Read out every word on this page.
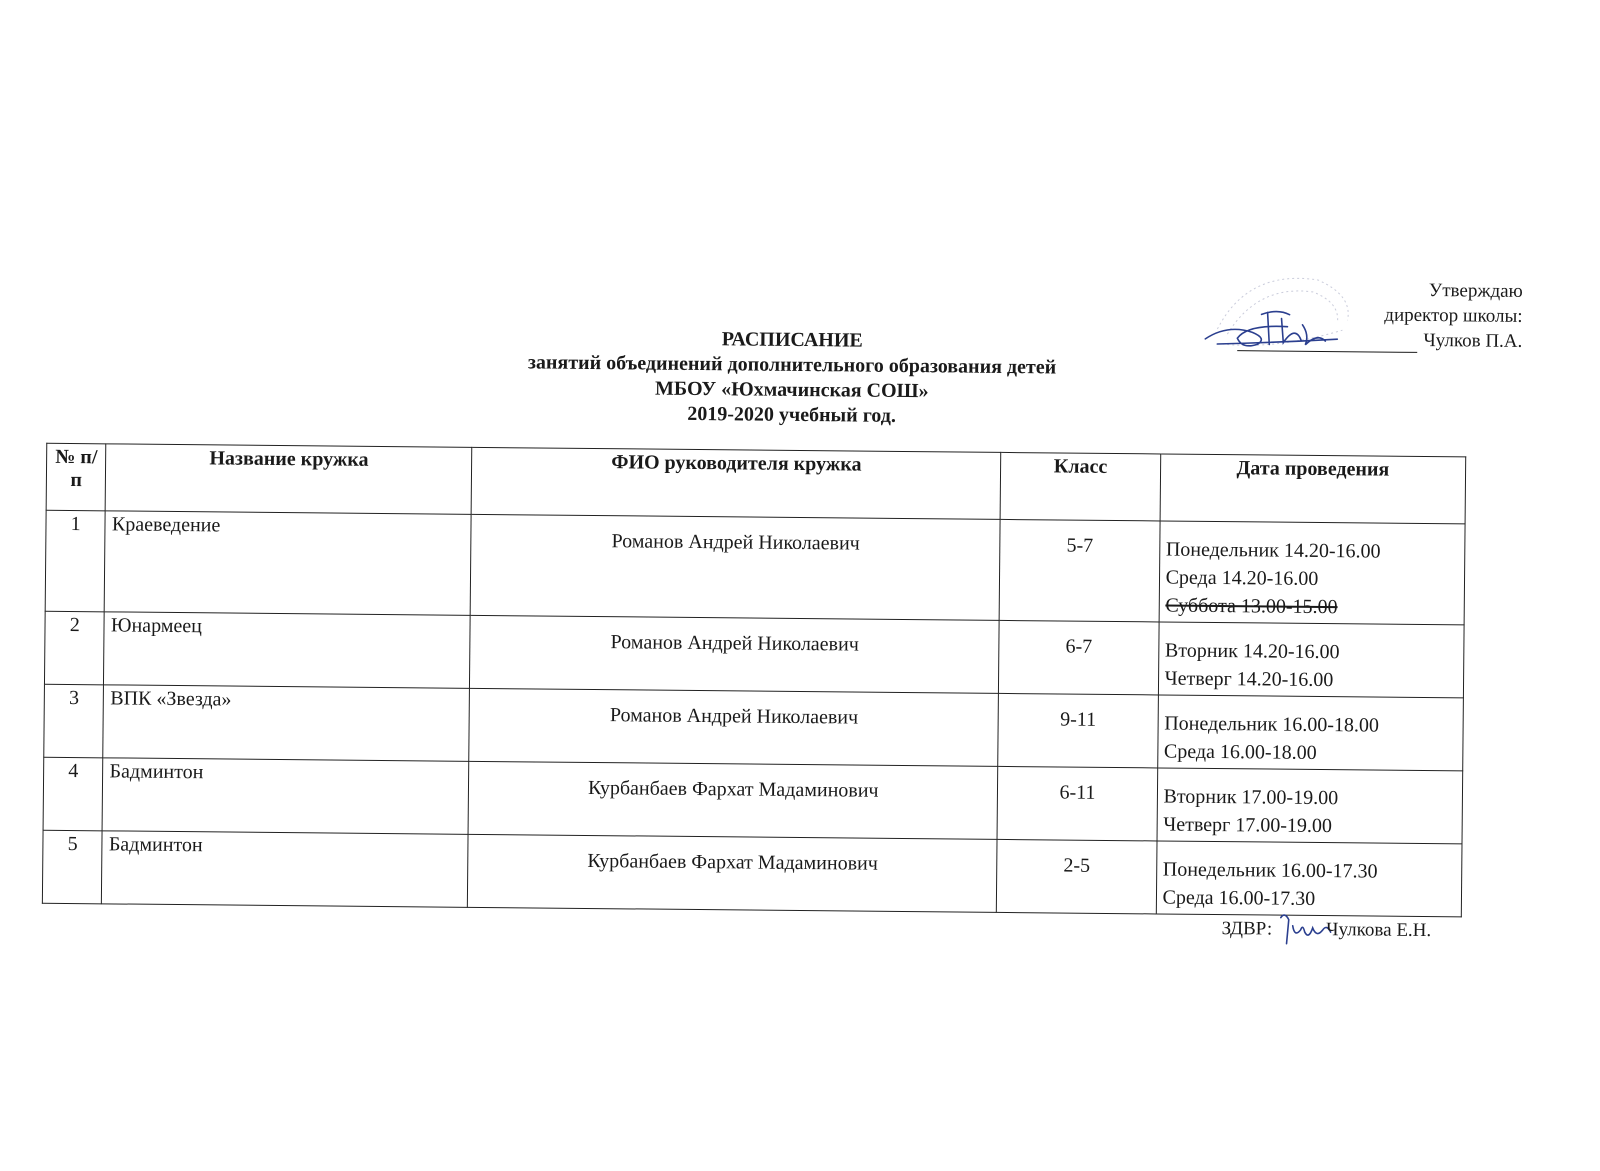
Утверждаю
директор школы:
Чулков П.А.
РАСПИСАНИЕ
занятий объединений дополнительного образования детей
МБОУ «Юхмачинская СОШ»
2019-2020 учебный год.
№ п/п	Название кружка	ФИО руководителя кружка	Класс	Дата проведения
1	Краеведение	Романов Андрей Николаевич	5-7	Понедельник 14.20-16.00
Среда 14.20-16.00
Суббота 13.00-15.00

2	Юнармеец	Романов Андрей Николаевич	6-7	Вторник 14.20-16.00
Четверг 14.20-16.00

3	ВПК «Звезда»	Романов Андрей Николаевич	9-11	Понедельник 16.00-18.00
Среда 16.00-18.00

4	Бадминтон	Курбанбаев Фархат Мадаминович	6-11	Вторник 17.00-19.00
Четверг 17.00-19.00

5	Бадминтон	Курбанбаев Фархат Мадаминович	2-5	Понедельник 16.00-17.30
Среда 16.00-17.30
ЗДВР:	Чулкова Е.Н.
